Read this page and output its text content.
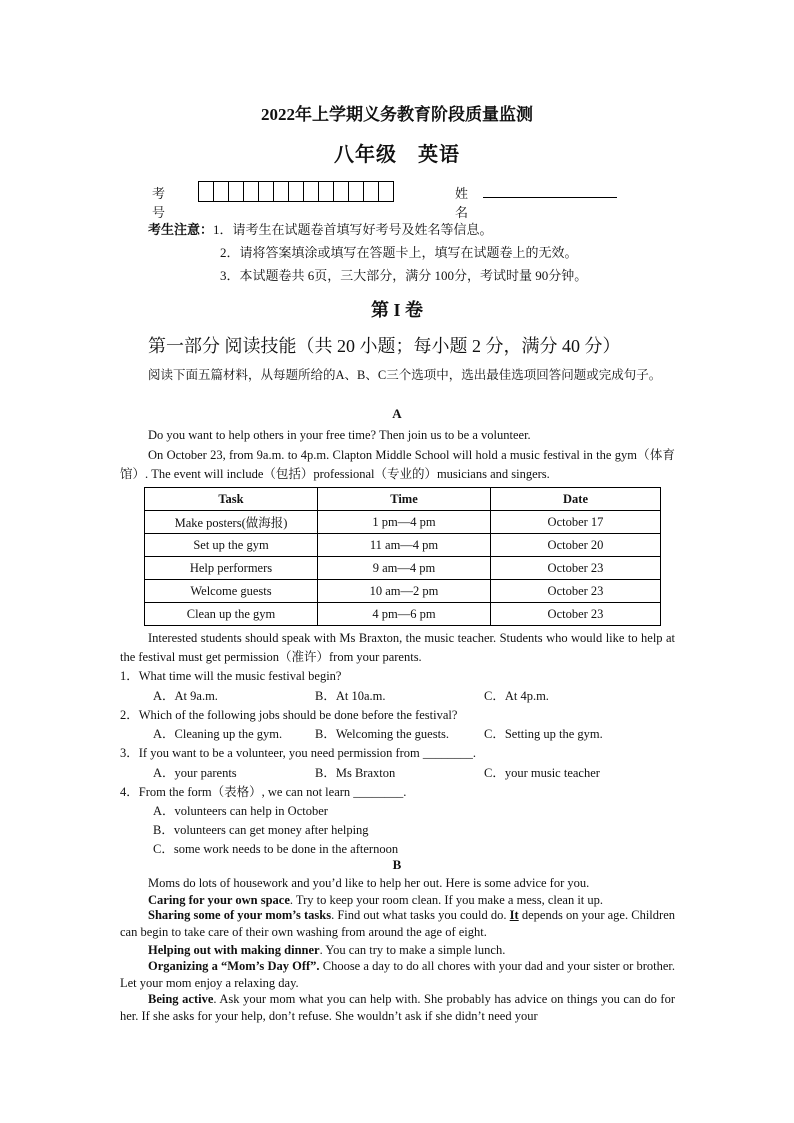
2022年上学期义务教育阶段质量监测
八年级　英语
考号
姓名
考生注意：1．请考生在试题卷首填写好考号及姓名等信息。
2．请将答案填涂或填写在答题卡上，填写在试题卷上的无效。
3．本试题卷共 6页，三大部分，满分 100分，考试时量 90分钟。
第 I 卷
第一部分 阅读技能（共 20 小题；每小题 2 分，满分 40 分）
阅读下面五篇材料，从每题所给的A、B、C三个选项中，选出最佳选项回答问题或完成句子。
A
Do you want to help others in your free time? Then join us to be a volunteer.
On October 23, from 9a.m. to 4p.m. Clapton Middle School will hold a music festival in the gym（体育馆）. The event will include（包括）professional（专业的）musicians and singers.
Task	Time	Date
Make posters(做海报)	1 pm—4 pm	October 17
Set up the gym	11 am—4 pm	October 20
Help performers	9 am—4 pm	October 23
Welcome guests	10 am—2 pm	October 23
Clean up the gym	4 pm—6 pm	October 23
Interested students should speak with Ms Braxton, the music teacher. Students who would like to help at the festival must get permission（准许）from your parents.
1．What time will the music festival begin?
A．At 9a.m.	B．At 10a.m.	C．At 4p.m.
2．Which of the following jobs should be done before the festival?
A．Cleaning up the gym.	B．Welcoming the guests.	C．Setting up the gym.
3．If you want to be a volunteer, you need permission from ________.
A．your parents	B．Ms Braxton	C．your music teacher
4．From the form（表格）, we can not learn ________.
A．volunteers can help in October
B．volunteers can get money after helping
C．some work needs to be done in the afternoon
B
Moms do lots of housework and you’d like to help her out. Here is some advice for you.
Caring for your own space. Try to keep your room clean. If you make a mess, clean it up.
Sharing some of your mom’s tasks. Find out what tasks you could do. It depends on your age. Children can begin to take care of their own washing from around the age of eight.
Helping out with making dinner. You can try to make a simple lunch.
Organizing a “Mom’s Day Off”. Choose a day to do all chores with your dad and your sister or brother. Let your mom enjoy a relaxing day.
Being active. Ask your mom what you can help with. She probably has advice on things you can do for her. If she asks for your help, don’t refuse. She wouldn’t ask if she didn’t need your
